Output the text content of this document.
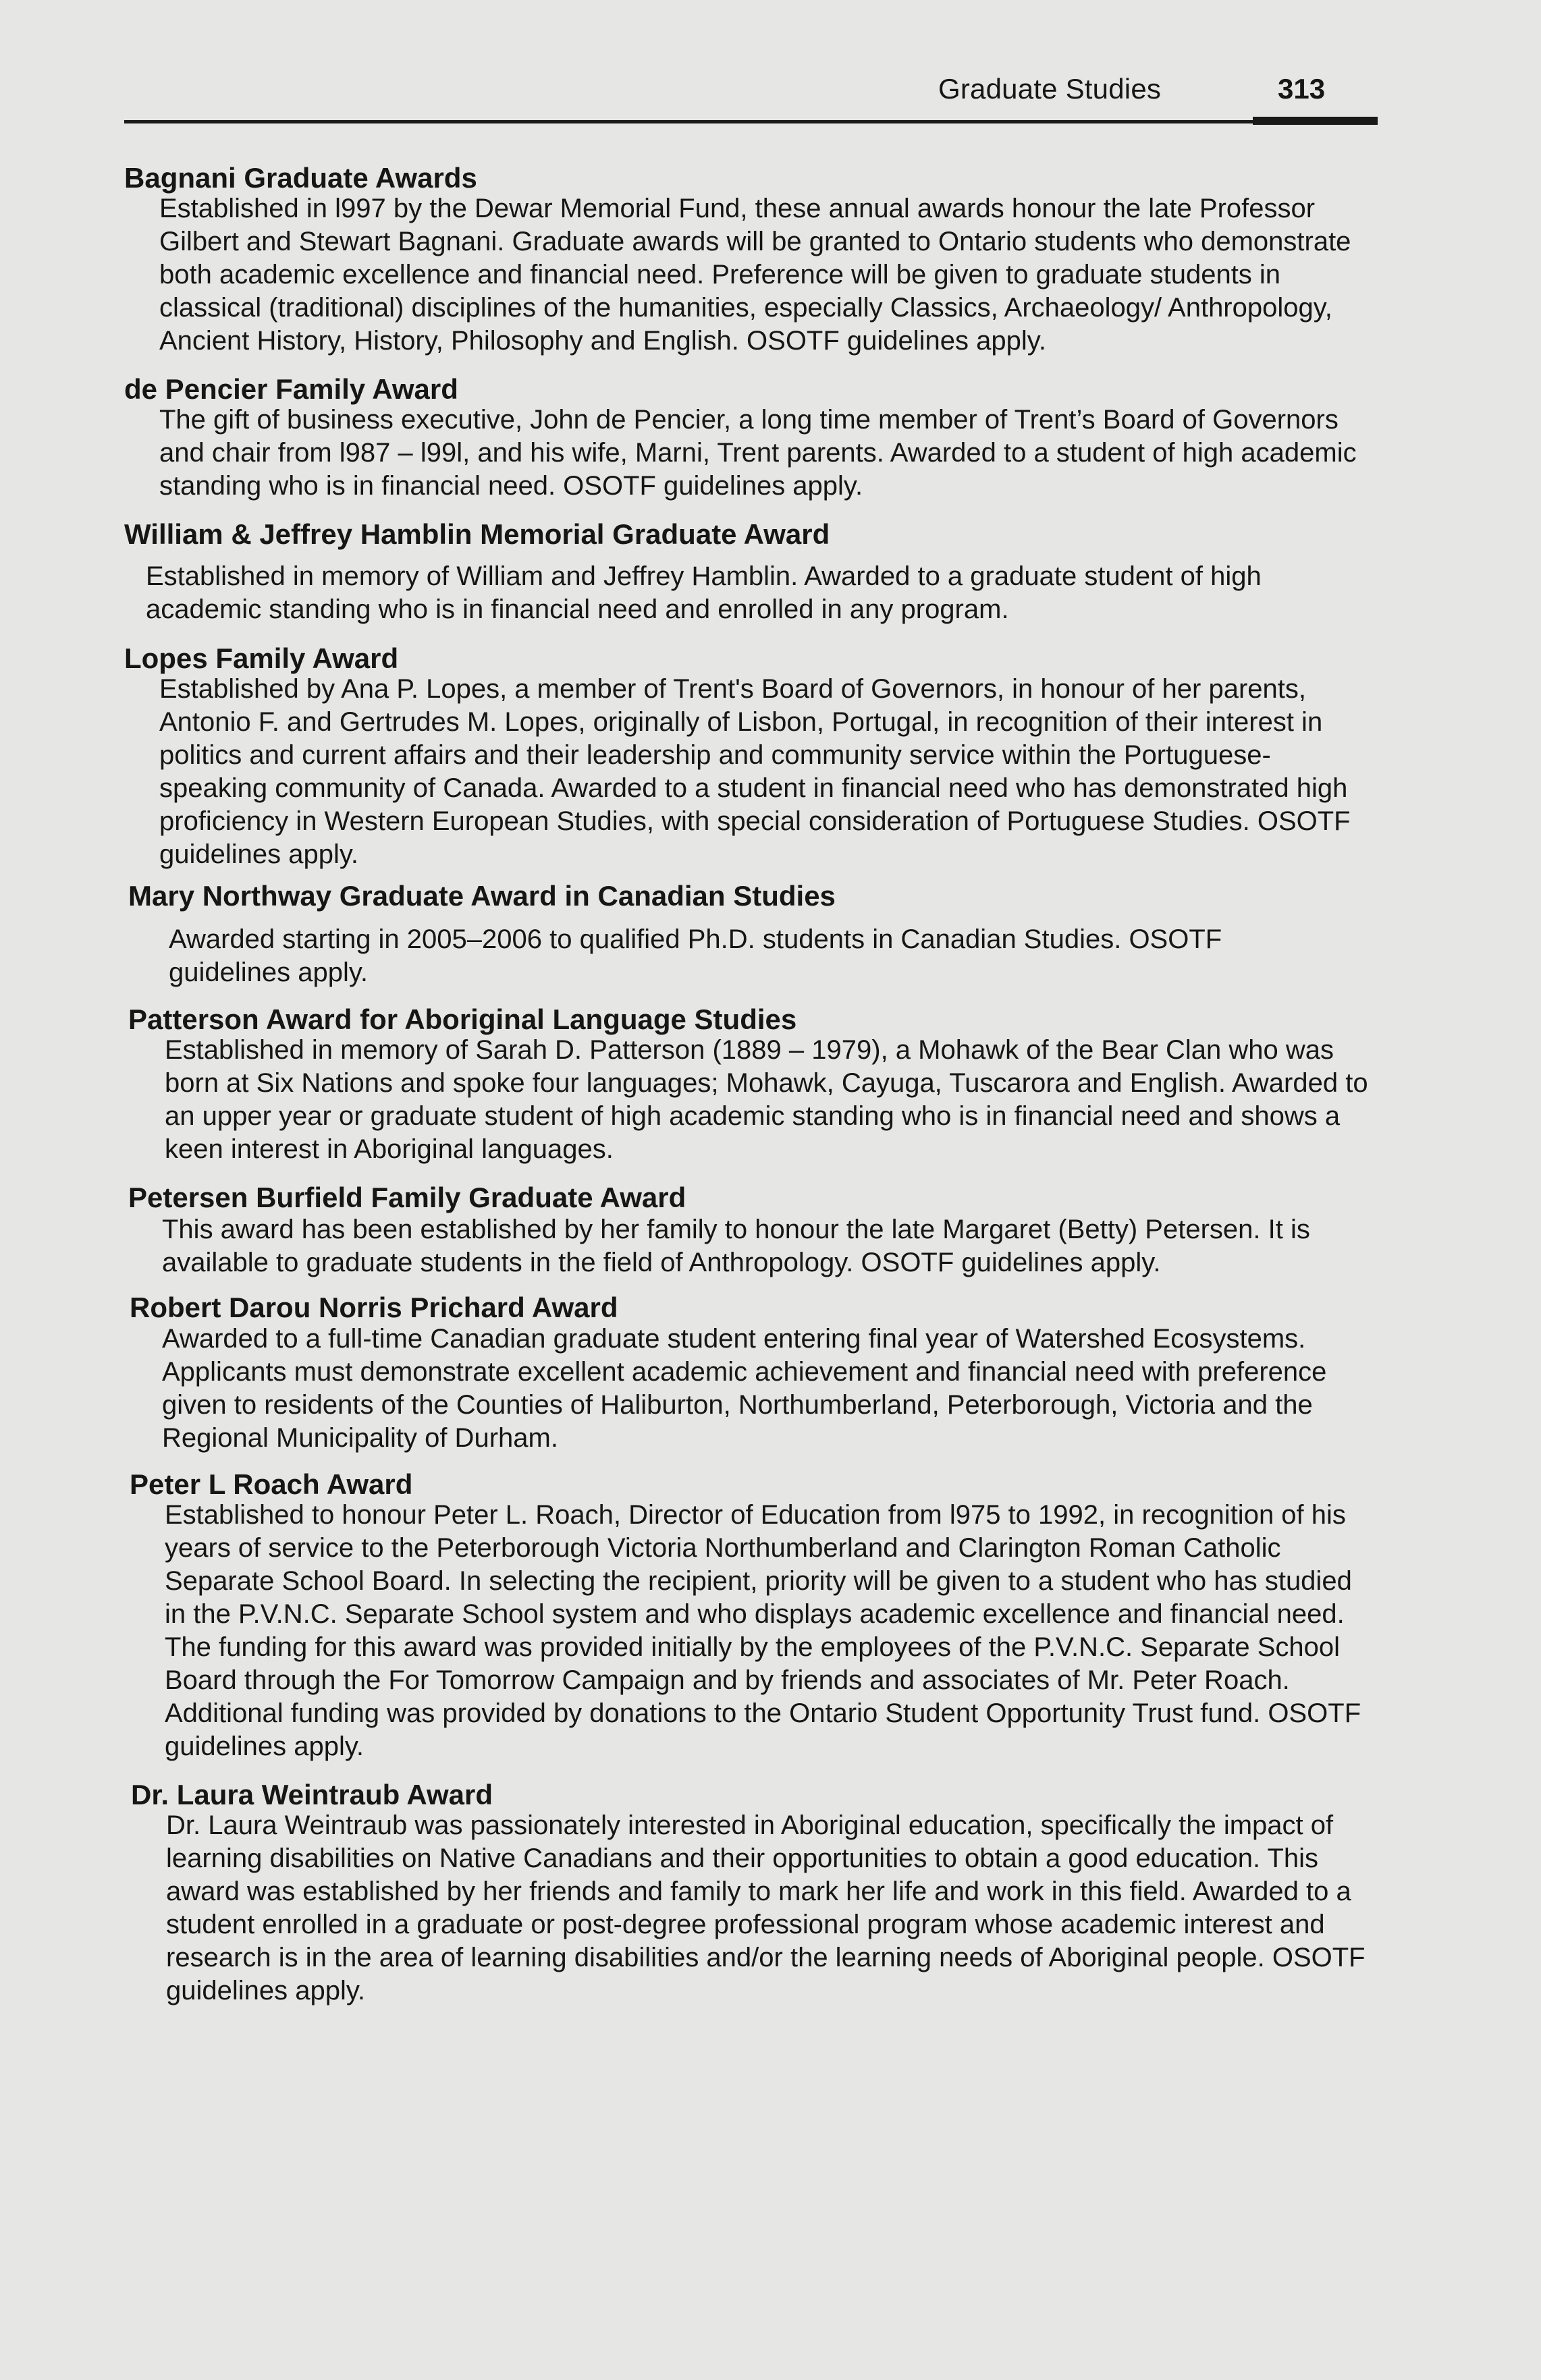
Graduate Studies	313
Bagnani Graduate Awards
Established in l997 by the Dewar Memorial Fund, these annual awards honour the late Professor Gilbert and Stewart Bagnani. Graduate awards will be granted to Ontario students who demonstrate both academic excellence and financial need. Preference will be given to graduate students in classical (traditional) disciplines of the humanities, especially Classics, Archaeology/ Anthropology, Ancient History, History, Philosophy and English. OSOTF guidelines apply.
de Pencier Family Award
The gift of business executive, John de Pencier, a long time member of Trent’s Board of Governors and chair from l987 – l99l, and his wife, Marni, Trent parents. Awarded to a student of high academic standing who is in financial need. OSOTF guidelines apply.
William & Jeffrey Hamblin Memorial Graduate Award
Established in memory of William and Jeffrey Hamblin. Awarded to a graduate student of high academic standing who is in financial need and enrolled in any program.
Lopes Family Award
Established by Ana P. Lopes, a member of Trent's Board of Governors, in honour of her parents, Antonio F. and Gertrudes M. Lopes, originally of Lisbon, Portugal, in recognition of their interest in politics and current affairs and their leadership and community service within the Portuguese-speaking community of Canada. Awarded to a student in financial need who has demonstrated high proficiency in Western European Studies, with special consideration of Portuguese Studies. OSOTF guidelines apply.
Mary Northway Graduate Award in Canadian Studies
Awarded starting in 2005–2006 to qualified Ph.D. students in Canadian Studies. OSOTF guidelines apply.
Patterson Award for Aboriginal Language Studies
Established in memory of Sarah D. Patterson (1889 – 1979), a Mohawk of the Bear Clan who was born at Six Nations and spoke four languages; Mohawk, Cayuga, Tuscarora and English. Awarded to an upper year or graduate student of high academic standing who is in financial need and shows a keen interest in Aboriginal languages.
Petersen Burfield Family Graduate Award
This award has been established by her family to honour the late Margaret (Betty) Petersen. It is available to graduate students in the field of Anthropology. OSOTF guidelines apply.
Robert Darou Norris Prichard Award
Awarded to a full-time Canadian graduate student entering final year of Watershed Ecosystems. Applicants must demonstrate excellent academic achievement and financial need with preference given to residents of the Counties of Haliburton, Northumberland, Peterborough, Victoria and the Regional Municipality of Durham.
Peter L Roach Award
Established to honour Peter L. Roach, Director of Education from l975 to 1992, in recognition of his years of service to the Peterborough Victoria Northumberland and Clarington Roman Catholic Separate School Board. In selecting the recipient, priority will be given to a student who has studied in the P.V.N.C. Separate School system and who displays academic excellence and financial need. The funding for this award was provided initially by the employees of the P.V.N.C. Separate School Board through the For Tomorrow Campaign and by friends and associates of Mr. Peter Roach. Additional funding was provided by donations to the Ontario Student Opportunity Trust fund. OSOTF guidelines apply.
Dr. Laura Weintraub Award
Dr. Laura Weintraub was passionately interested in Aboriginal education, specifically the impact of learning disabilities on Native Canadians and their opportunities to obtain a good education. This award was established by her friends and family to mark her life and work in this field. Awarded to a student enrolled in a graduate or post-degree professional program whose academic interest and research is in the area of learning disabilities and/or the learning needs of Aboriginal people. OSOTF guidelines apply.
